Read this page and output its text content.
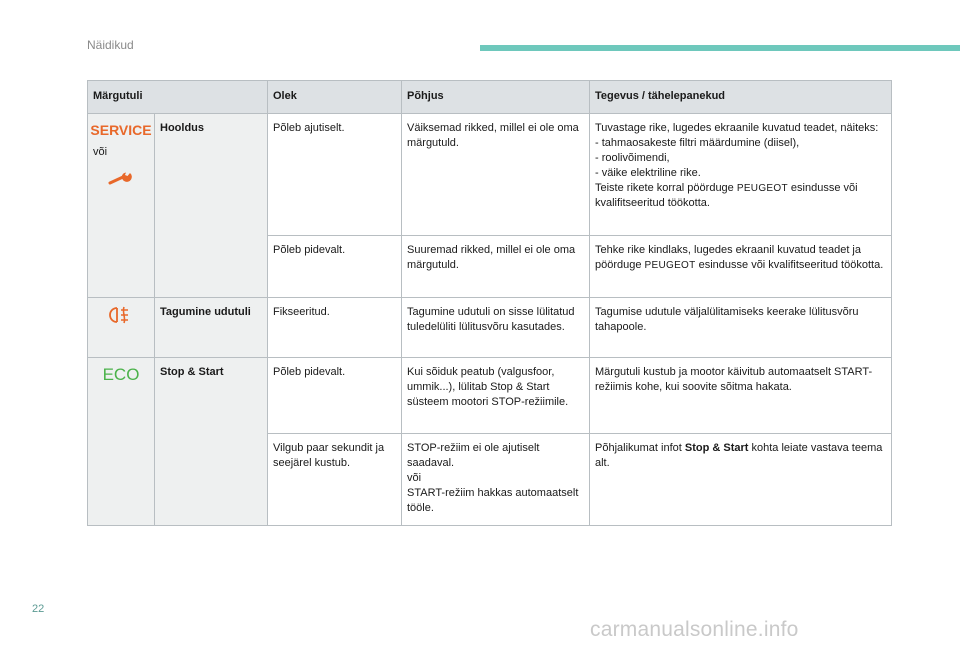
Näidikud
Märgutuli		Olek	Põhjus	Tegevus / tähelepanekud

SERVICE
või	Hooldus	Põleb ajutiselt.	Väiksemad rikked, millel ei ole oma märgutuld.	Tuvastage rike, lugedes ekraanile kuvatud teadet, näiteks:
- tahmaosakeste filtri määrdumine (diisel),
- roolivõimendi,
- väike elektriline rike.
Teiste rikete korral pöörduge PEUGEOT esindusse või kvalifitseeritud töökotta.
		Põleb pidevalt.	Suuremad rikked, millel ei ole oma märgutuld.	Tehke rike kindlaks, lugedes ekraanil kuvatud teadet ja pöörduge PEUGEOT esindusse või kvalifitseeritud töökotta.

	Tagumine udutuli	Fikseeritud.	Tagumine udutuli on sisse lülitatud tuledelüliti lülitusvõru kasutades.	Tagumise udutule väljalülitamiseks keerake lülitusvõru tahapoole.

ECO	Stop & Start	Põleb pidevalt.	Kui sõiduk peatub (valgusfoor, ummik...), lülitab Stop & Start süsteem mootori STOP-režiimile.	Märgutuli kustub ja mootor käivitub automaatselt START-režiimis kohe, kui soovite sõitma hakata.
		Vilgub paar sekundit ja seejärel kustub.	STOP-režiim ei ole ajutiselt saadaval.
või
START-režiim hakkas automaatselt tööle.	Põhjalikumat infot Stop & Start kohta leiate vastava teema alt.
22
carmanualsonline.info
